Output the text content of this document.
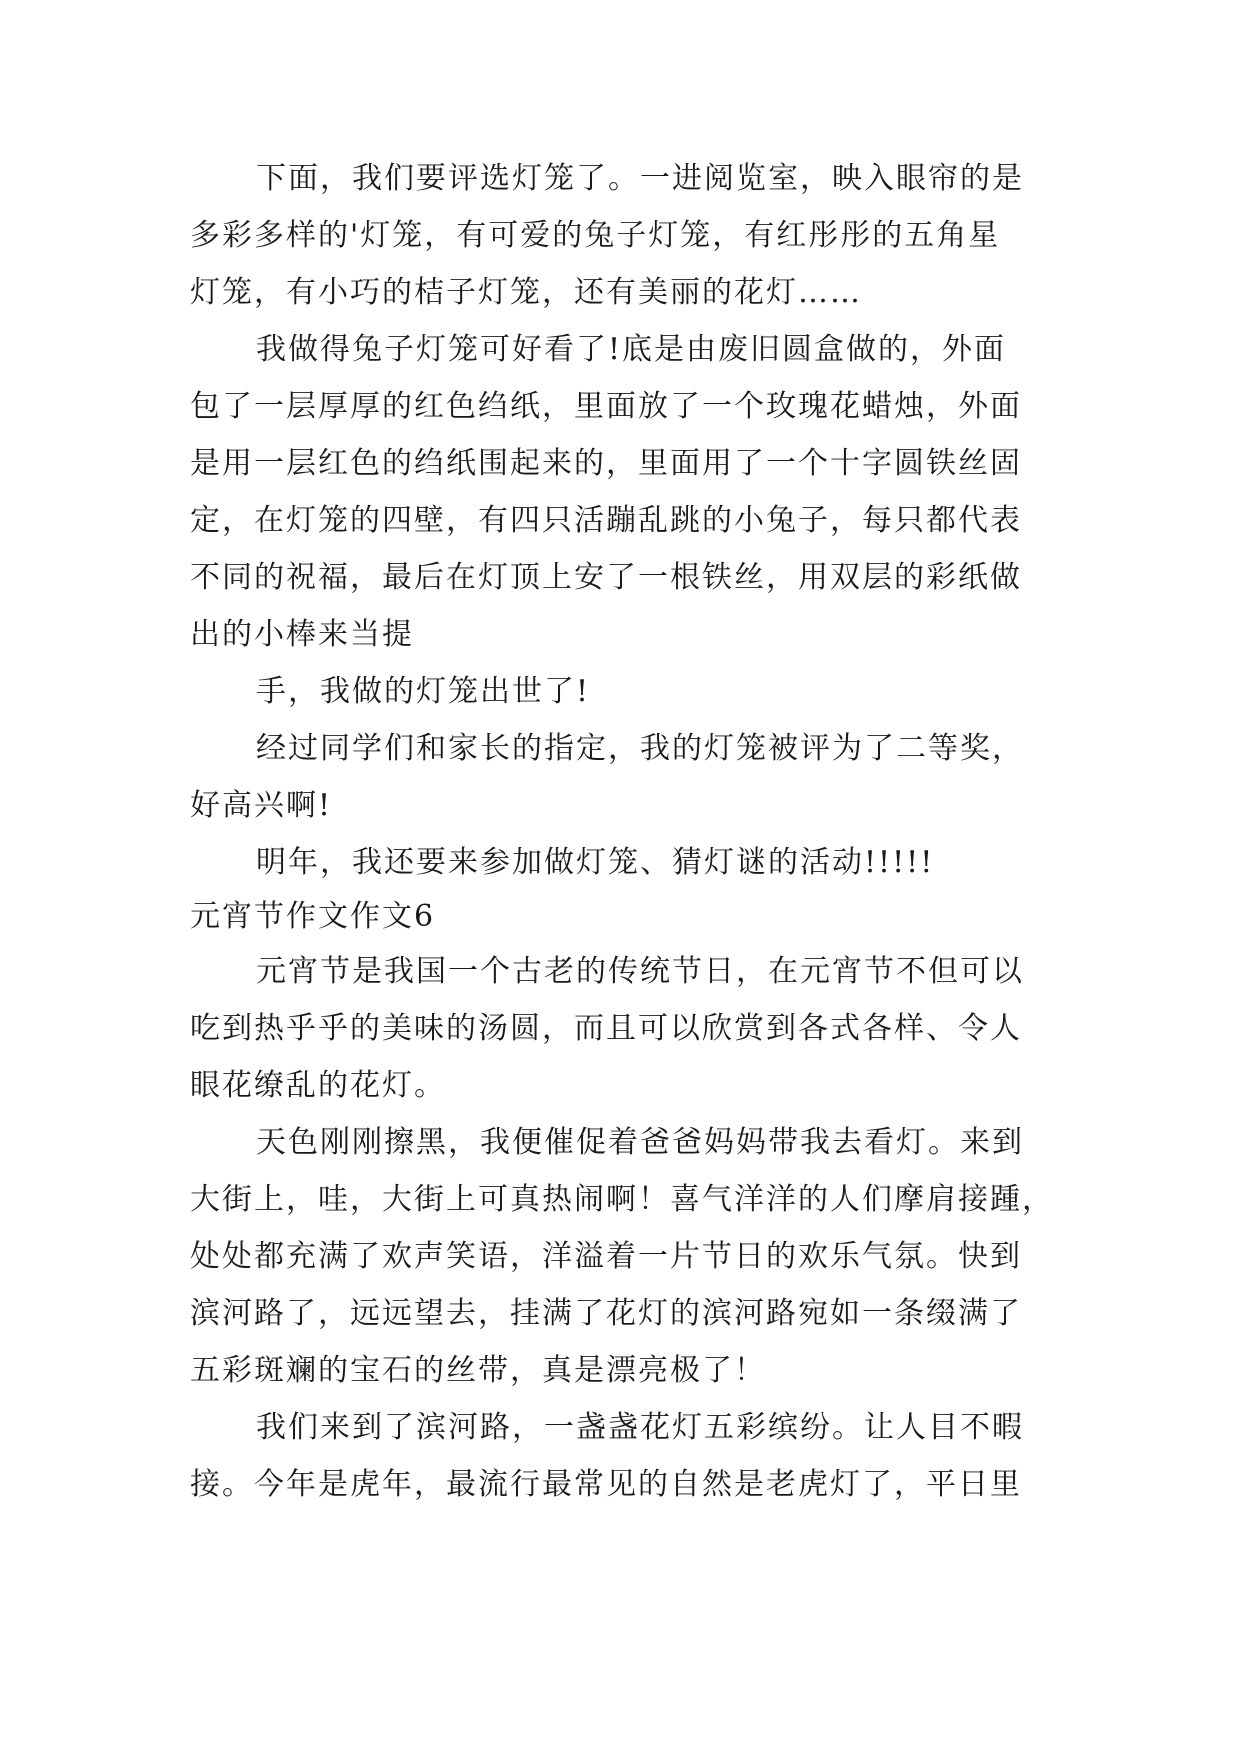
下面，我们要评选灯笼了。一进阅览室，映入眼帘的是
多彩多样的'灯笼，有可爱的兔子灯笼，有红彤彤的五角星
灯笼，有小巧的桔子灯笼，还有美丽的花灯……
我做得兔子灯笼可好看了!底是由废旧圆盒做的，外面
包了一层厚厚的红色绉纸，里面放了一个玫瑰花蜡烛，外面
是用一层红色的绉纸围起来的，里面用了一个十字圆铁丝固
定，在灯笼的四壁，有四只活蹦乱跳的小兔子，每只都代表
不同的祝福，最后在灯顶上安了一根铁丝，用双层的彩纸做
出的小棒来当提
手，我做的灯笼出世了!
经过同学们和家长的指定，我的灯笼被评为了二等奖，
好高兴啊!
明年，我还要来参加做灯笼、猜灯谜的活动!!!!!
元宵节作文作文6
元宵节是我国一个古老的传统节日，在元宵节不但可以
吃到热乎乎的美味的汤圆，而且可以欣赏到各式各样、令人
眼花缭乱的花灯。
天色刚刚擦黑，我便催促着爸爸妈妈带我去看灯。来到
大街上，哇，大街上可真热闹啊！喜气洋洋的人们摩肩接踵，
处处都充满了欢声笑语，洋溢着一片节日的欢乐气氛。快到
滨河路了，远远望去，挂满了花灯的滨河路宛如一条缀满了
五彩斑斓的宝石的丝带，真是漂亮极了！
我们来到了滨河路，一盏盏花灯五彩缤纷。让人目不暇
接。今年是虎年，最流行最常见的自然是老虎灯了，平日里
